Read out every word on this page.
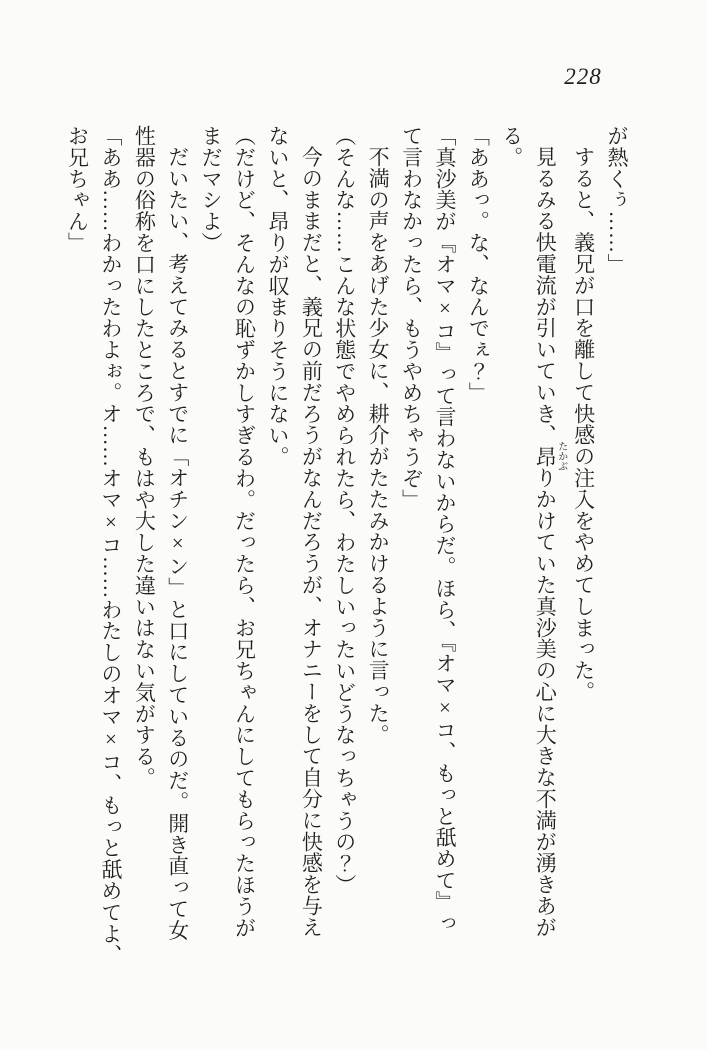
228

が熱くぅ……」

すると、義兄が口を離して快感の注入をやめてしまった。

見るみる快電流が引いていき、昂たかぶりかけていた真沙美の心に大きな不満が湧きあが

る。

「ああっ。な、なんでぇ？」

「真沙美が『オマ×コ』って言わないからだ。ほら、『オマ×コ、もっと舐めて』っ

て言わなかったら、もうやめちゃうぞ」

不満の声をあげた少女に、耕介がたたみかけるように言った。

（そんな……こんな状態でやめられたら、わたしいったいどうなっちゃうの？）

今のままだと、義兄の前だろうがなんだろうが、オナニーをして自分に快感を与え

ないと、昂りが収まりそうにない。

（だけど、そんなの恥ずかしすぎるわ。だったら、お兄ちゃんにしてもらったほうが

まだマシよ）

だいたい、考えてみるとすでに「オチン×ン」と口にしているのだ。開き直って女

性器の俗称を口にしたところで、もはや大した違いはない気がする。

「ああ……わかったわよぉ。オ……オマ×コ……わたしのオマ×コ、もっと舐めてよ、

お兄ちゃん」
